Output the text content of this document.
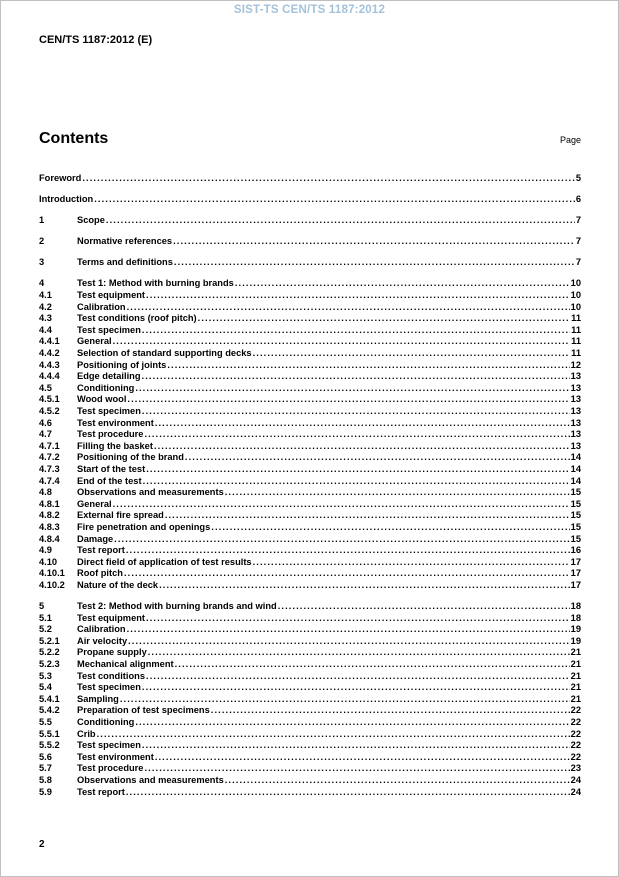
SIST-TS CEN/TS 1187:2012
CEN/TS 1187:2012 (E)
Contents	Page
Foreword .....	5
Introduction .....	6
1	Scope .....	7
2	Normative references .....	7
3	Terms and definitions .....	7
4	Test 1: Method with burning brands .....	10
4.1	Test equipment .....	10
4.2	Calibration .....	10
4.3	Test conditions (roof pitch) .....	11
4.4	Test specimen .....	11
4.4.1	General .....	11
4.4.2	Selection of standard supporting decks .....	11
4.4.3	Positioning of joints .....	12
4.4.4	Edge detailing .....	13
4.5	Conditioning .....	13
4.5.1	Wood wool .....	13
4.5.2	Test specimen .....	13
4.6	Test environment .....	13
4.7	Test procedure .....	13
4.7.1	Filling the basket .....	13
4.7.2	Positioning of the brand .....	14
4.7.3	Start of the test .....	14
4.7.4	End of the test .....	14
4.8	Observations and measurements .....	15
4.8.1	General .....	15
4.8.2	External fire spread .....	15
4.8.3	Fire penetration and openings .....	15
4.8.4	Damage .....	15
4.9	Test report .....	16
4.10	Direct field of application of test results .....	17
4.10.1	Roof pitch .....	17
4.10.2	Nature of the deck .....	17
5	Test 2: Method with burning brands and wind .....	18
5.1	Test equipment .....	18
5.2	Calibration .....	19
5.2.1	Air velocity .....	19
5.2.2	Propane supply .....	21
5.2.3	Mechanical alignment .....	21
5.3	Test conditions .....	21
5.4	Test specimen .....	21
5.4.1	Sampling .....	21
5.4.2	Preparation of test specimens .....	22
5.5	Conditioning .....	22
5.5.1	Crib .....	22
5.5.2	Test specimen .....	22
5.6	Test environment .....	22
5.7	Test procedure .....	23
5.8	Observations and measurements .....	24
5.9	Test report .....	24
2
